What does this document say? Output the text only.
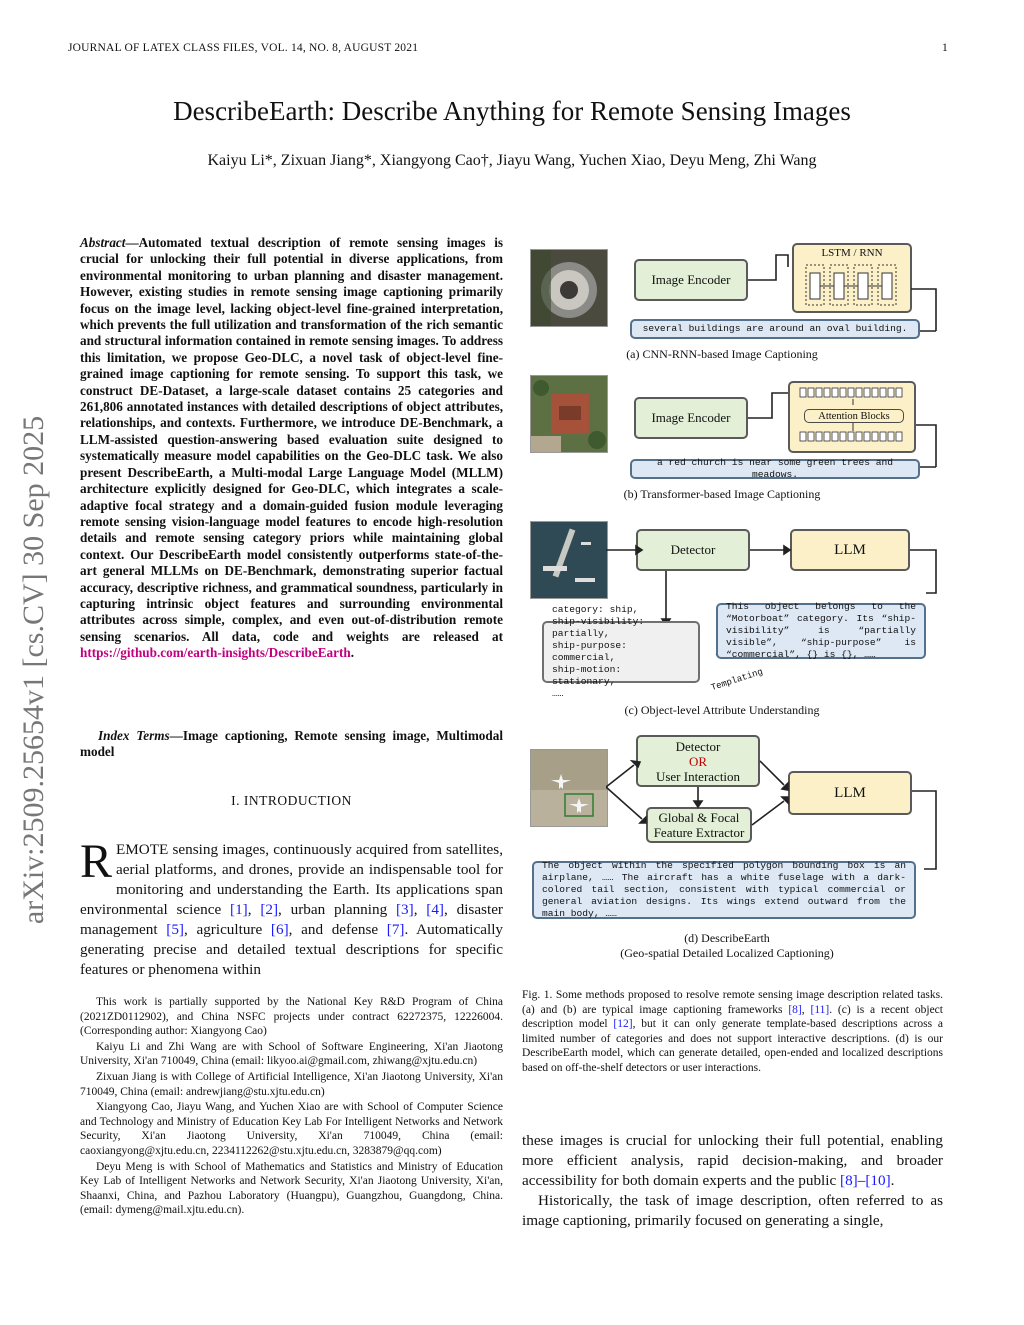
JOURNAL OF LATEX CLASS FILES, VOL. 14, NO. 8, AUGUST 2021	1
DescribeEarth: Describe Anything for Remote Sensing Images
Kaiyu Li*, Zixuan Jiang*, Xiangyong Cao†, Jiayu Wang, Yuchen Xiao, Deyu Meng, Zhi Wang
arXiv:2509.25654v1 [cs.CV] 30 Sep 2025
Abstract—Automated textual description of remote sensing images is crucial for unlocking their full potential in diverse applications, from environmental monitoring to urban planning and disaster management. However, existing studies in remote sensing image captioning primarily focus on the image level, lacking object-level fine-grained interpretation, which prevents the full utilization and transformation of the rich semantic and structural information contained in remote sensing images. To address this limitation, we propose Geo-DLC, a novel task of object-level fine-grained image captioning for remote sensing. To support this task, we construct DE-Dataset, a large-scale dataset contains 25 categories and 261,806 annotated instances with detailed descriptions of object attributes, relationships, and contexts. Furthermore, we introduce DE-Benchmark, a LLM-assisted question-answering based evaluation suite designed to systematically measure model capabilities on the Geo-DLC task. We also present DescribeEarth, a Multi-modal Large Language Model (MLLM) architecture explicitly designed for Geo-DLC, which integrates a scale-adaptive focal strategy and a domain-guided fusion module leveraging remote sensing vision-language model features to encode high-resolution details and remote sensing category priors while maintaining global context. Our DescribeEarth model consistently outperforms state-of-the-art general MLLMs on DE-Benchmark, demonstrating superior factual accuracy, descriptive richness, and grammatical soundness, particularly in capturing intrinsic object features and surrounding environmental attributes across simple, complex, and even out-of-distribution remote sensing scenarios. All data, code and weights are released at https://github.com/earth-insights/DescribeEarth.
Index Terms—Image captioning, Remote sensing image, Multimodal model
I. INTRODUCTION
REMOTE sensing images, continuously acquired from satellites, aerial platforms, and drones, provide an indispensable tool for monitoring and understanding the Earth. Its applications span environmental science [1], [2], urban planning [3], [4], disaster management [5], agriculture [6], and defense [7]. Automatically generating precise and detailed textual descriptions for specific features or phenomena within

This work is partially supported by the National Key R&D Program of China (2021ZD0112902), and China NSFC projects under contract 62272375, 12226004. (Corresponding author: Xiangyong Cao)

Kaiyu Li and Zhi Wang are with School of Software Engineering, Xi'an Jiaotong University, Xi'an 710049, China (email: likyoo.ai@gmail.com, zhiwang@xjtu.edu.cn)

Zixuan Jiang is with College of Artificial Intelligence, Xi'an Jiaotong University, Xi'an 710049, China (email: andrewjiang@stu.xjtu.edu.cn)

Xiangyong Cao, Jiayu Wang, and Yuchen Xiao are with School of Computer Science and Technology and Ministry of Education Key Lab For Intelligent Networks and Network Security, Xi'an Jiaotong University, Xi'an 710049, China (email: caoxiangyong@xjtu.edu.cn, 2234112262@stu.xjtu.edu.cn, 3283879@qq.com)

Deyu Meng is with School of Mathematics and Statistics and Ministry of Education Key Lab of Intelligent Networks and Network Security, Xi'an Jiaotong University, Xi'an, Shaanxi, China, and Pazhou Laboratory (Huangpu), Guangzhou, Guangdong, China. (email: dymeng@mail.xjtu.edu.cn).

Image Encoder
LSTM / RNN
several buildings are around an oval building.
(a) CNN-RNN-based Image Captioning
Image Encoder	Attention Blocks
a red church is near some green trees and meadows.
(b) Transformer-based Image Captioning
Detector	LLM
category: ship,
ship-visibility: partially,
ship-purpose: commercial,
ship-motion: stationary,
……
This object belongs to the “Motorboat” category. Its “ship-visibility” is “partially visible”, “ship-purpose” is “commercial”, {} is {}, ……
Templating
(c) Object-level Attribute Understanding
Detector
OR
User Interaction
Global & Focal
Feature Extractor
LLM
The object within the specified polygon bounding box is an airplane, …… The aircraft has a white fuselage with a dark-colored tail section, consistent with typical commercial or general aviation designs. Its wings extend outward from the main body, ……
(d) DescribeEarth
(Geo-spatial Detailed Localized Captioning)
Fig. 1. Some methods proposed to resolve remote sensing image description related tasks. (a) and (b) are typical image captioning frameworks [8], [11]. (c) is a recent object description model [12], but it can only generate template-based descriptions across a limited number of categories and does not support interactive descriptions. (d) is our DescribeEarth model, which can generate detailed, open-ended and localized descriptions based on off-the-shelf detectors or user interactions.

these images is crucial for unlocking their full potential, enabling more efficient analysis, rapid decision-making, and broader accessibility for both domain experts and the public [8]–[10].

Historically, the task of image description, often referred to as image captioning, primarily focused on generating a single,
